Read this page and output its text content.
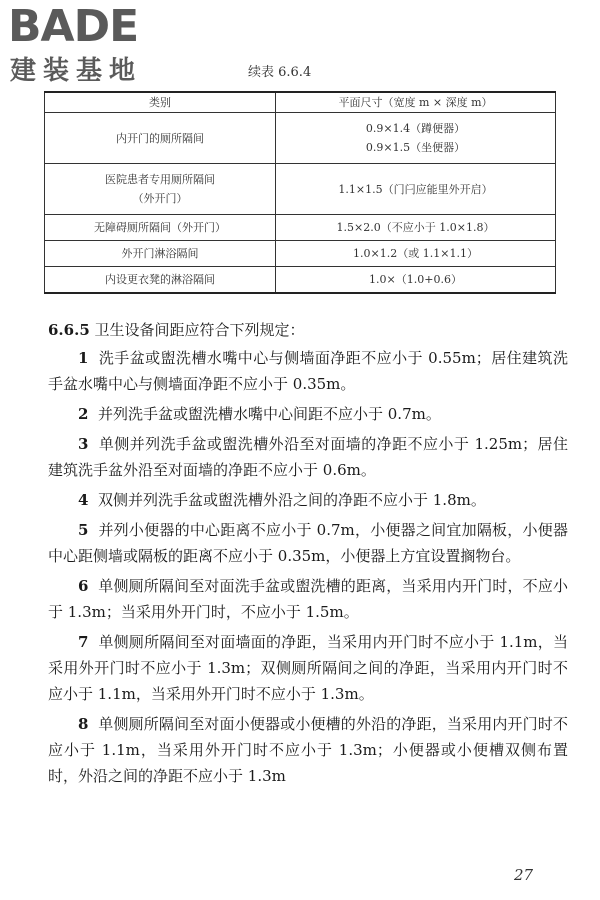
BADE
建装基地	续表 6.6.4
类别	平面尺寸（宽度 m × 深度 m）

内开门的厕所隔间	0.9×1.4（蹲便器）
0.9×1.5（坐便器）

医院患者专用厕所隔间
（外开门）	1.1×1.5（门闩应能里外开启）

无障碍厕所隔间（外开门）	1.5×2.0（不应小于 1.0×1.8）

外开门淋浴隔间	1.0×1.2（或 1.1×1.1）

内设更衣凳的淋浴隔间	1.0×（1.0+0.6）
6.6.5 卫生设备间距应符合下列规定：

1 洗手盆或盥洗槽水嘴中心与侧墙面净距不应小于 0.55m；居住建筑洗手盆水嘴中心与侧墙面净距不应小于 0.35m。

2 并列洗手盆或盥洗槽水嘴中心间距不应小于 0.7m。

3 单侧并列洗手盆或盥洗槽外沿至对面墙的净距不应小于 1.25m；居住建筑洗手盆外沿至对面墙的净距不应小于 0.6m。

4 双侧并列洗手盆或盥洗槽外沿之间的净距不应小于 1.8m。

5 并列小便器的中心距离不应小于 0.7m，小便器之间宜加隔板，小便器中心距侧墙或隔板的距离不应小于 0.35m，小便器上方宜设置搁物台。

6 单侧厕所隔间至对面洗手盆或盥洗槽的距离，当采用内开门时，不应小于 1.3m；当采用外开门时，不应小于 1.5m。

7 单侧厕所隔间至对面墙面的净距，当采用内开门时不应小于 1.1m，当采用外开门时不应小于 1.3m；双侧厕所隔间之间的净距，当采用内开门时不应小于 1.1m，当采用外开门时不应小于 1.3m。

8 单侧厕所隔间至对面小便器或小便槽的外沿的净距，当采用内开门时不应小于 1.1m，当采用外开门时不应小于 1.3m；小便器或小便槽双侧布置时，外沿之间的净距不应小于 1.3m

27
